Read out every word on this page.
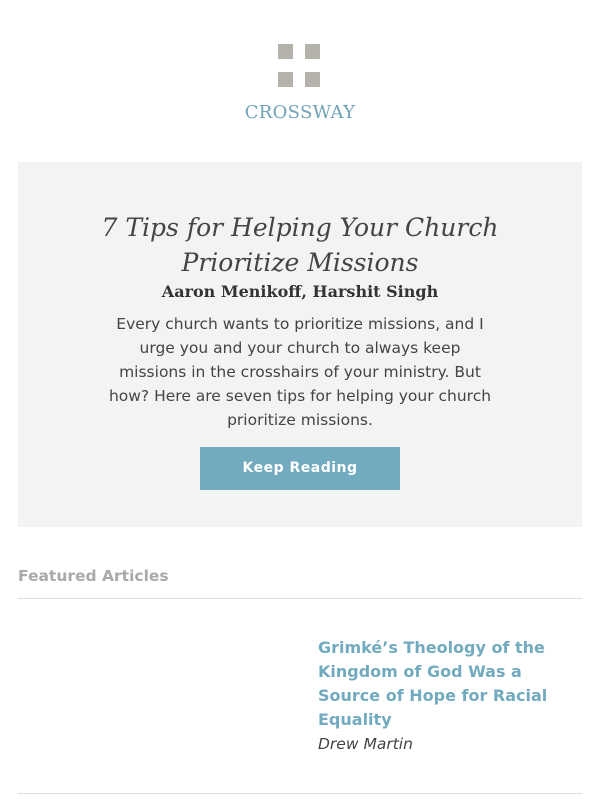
CROSSWAY
7 Tips for Helping Your Church Prioritize Missions
Aaron Menikoff, Harshit Singh

Every church wants to prioritize missions, and I urge you and your church to always keep missions in the crosshairs of your ministry. But how? Here are seven tips for helping your church prioritize missions.

Keep Reading
Featured Articles
Grimké’s Theology of the Kingdom of God Was a Source of Hope for Racial Equality
Drew Martin
